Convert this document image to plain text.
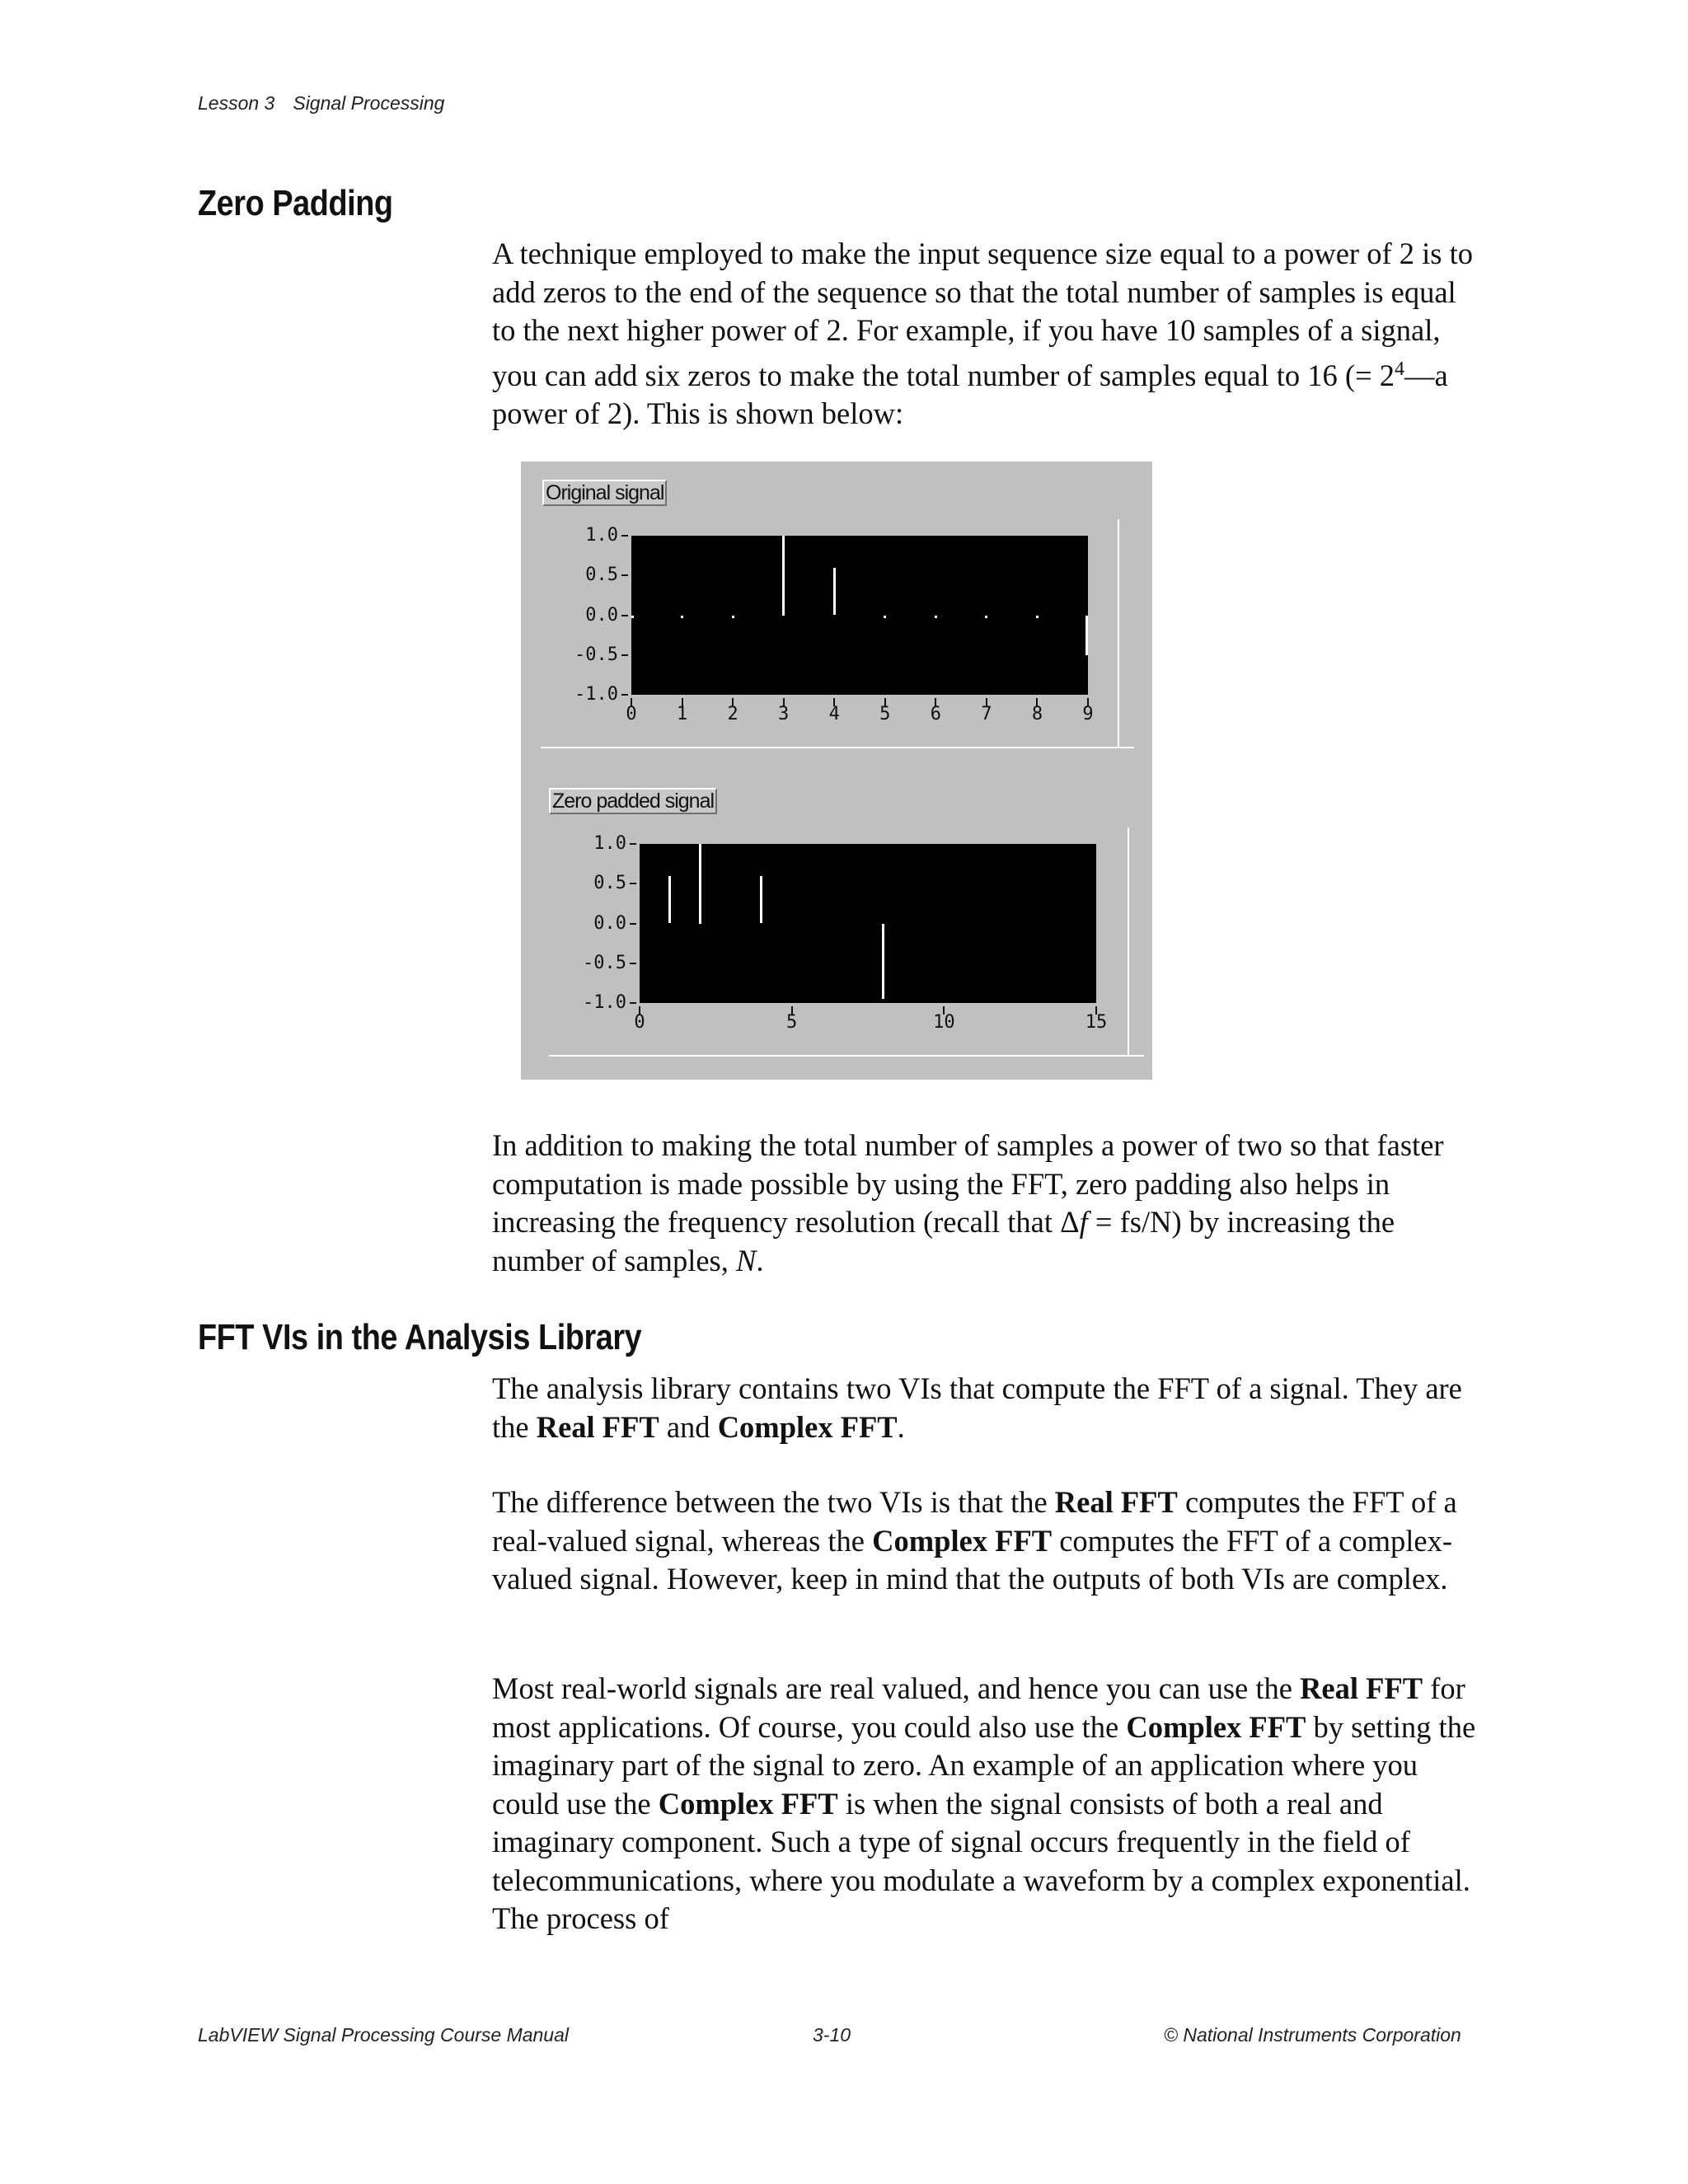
Lesson 3 Signal Processing
Zero Padding

A technique employed to make the input sequence size equal to a power of 2 is to add zeros to the end of the sequence so that the total number of samples is equal to the next higher power of 2. For example, if you have 10 samples of a signal, you can add six zeros to make the total number of samples equal to 16 (= $2^4—a$ power of 2). This is shown below:

Original signal
Zero padded signal
1.0
0.5
0.0
-0.5
-1.0
0	1	2	3	4	5	6	7	8	9
1.0
0.5
0.0
-0.5
-1.0
0	5	10	15

In addition to making the total number of samples a power of two so that faster computation is made possible by using the FFT, zero padding also helps in increasing the frequency resolution (recall that Δf = fs/N) by increasing the number of samples, N.

FFT VIs in the Analysis Library

The analysis library contains two VIs that compute the FFT of a signal. They are the Real FFT and Complex FFT.

The difference between the two VIs is that the Real FFT computes the FFT of a real-valued signal, whereas the Complex FFT computes the FFT of a complex-valued signal. However, keep in mind that the outputs of both VIs are complex.

Most real-world signals are real valued, and hence you can use the Real FFT for most applications. Of course, you could also use the Complex FFT by setting the imaginary part of the signal to zero. An example of an application where you could use the Complex FFT is when the signal consists of both a real and imaginary component. Such a type of signal occurs frequently in the field of telecommunications, where you modulate a waveform by a complex exponential. The process of

LabVIEW Signal Processing Course Manual	3-10	© National Instruments Corporation
